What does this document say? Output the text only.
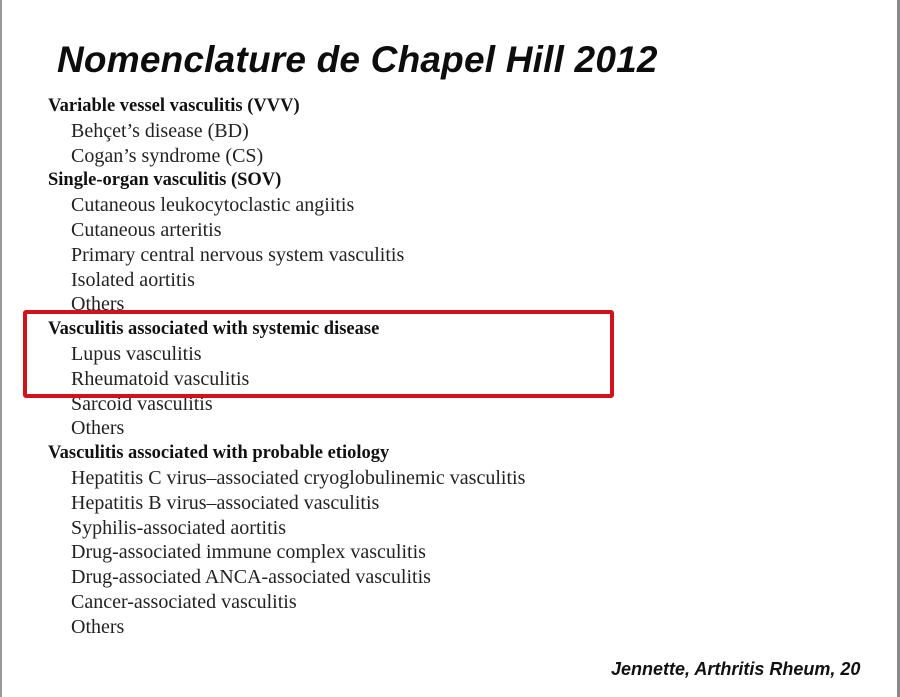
Nomenclature de Chapel Hill 2012
Variable vessel vasculitis (VVV)
Behçet’s disease (BD)
Cogan’s syndrome (CS)
Single-organ vasculitis (SOV)
Cutaneous leukocytoclastic angiitis
Cutaneous arteritis
Primary central nervous system vasculitis
Isolated aortitis
Others
Vasculitis associated with systemic disease
Lupus vasculitis
Rheumatoid vasculitis
Sarcoid vasculitis
Others
Vasculitis associated with probable etiology
Hepatitis C virus–associated cryoglobulinemic vasculitis
Hepatitis B virus–associated vasculitis
Syphilis-associated aortitis
Drug-associated immune complex vasculitis
Drug-associated ANCA-associated vasculitis
Cancer-associated vasculitis
Others
Jennette, Arthritis Rheum, 20
